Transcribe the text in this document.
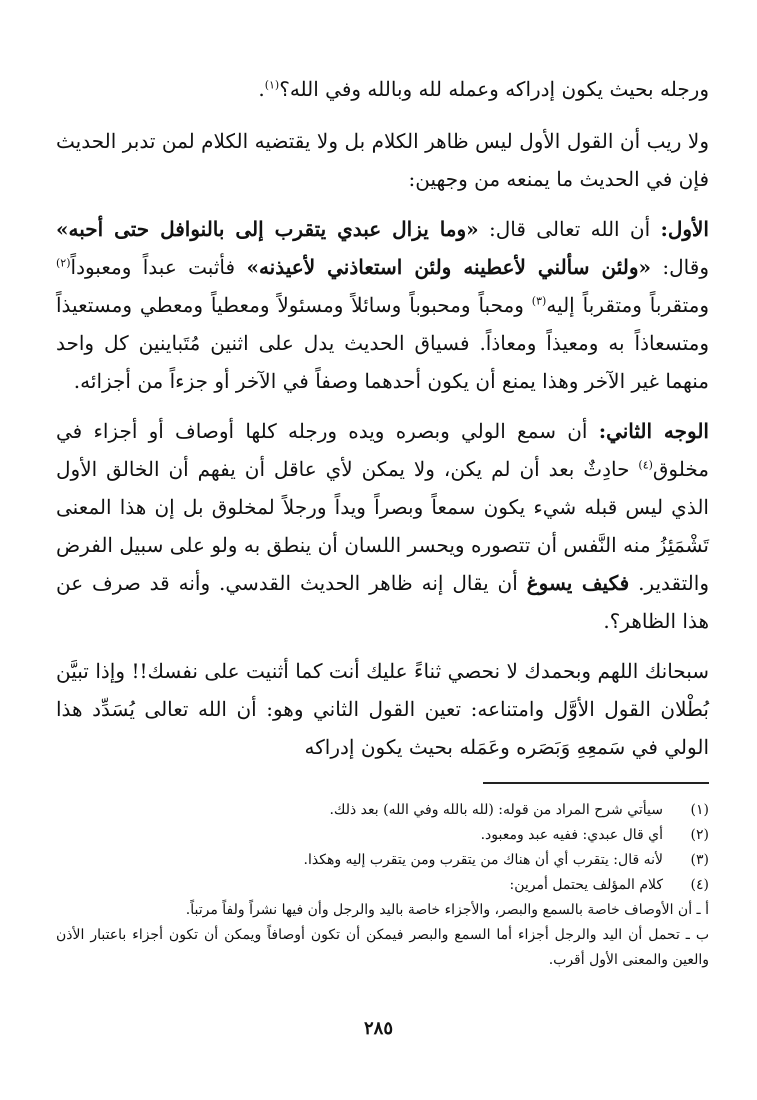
ورجله بحيث يكون إدراكه وعمله لله وبالله وفي الله؟$^{(١)}$.

ولا ريب أن القول الأول ليس ظاهر الكلام بل ولا يقتضيه الكلام لمن تدبر الحديث فإن في الحديث ما يمنعه من وجهين:

الأول: أن الله تعالى قال: «وما يزال عبدي يتقرب إلى بالنوافل حتى أحبه» وقال: «ولئن سألني لأعطينه ولئن استعاذني لأعيذنه» فأثبت عبداً ومعبوداً$^{(٢)}$ ومتقرباً ومتقرباً إليه$^{(٣)}$ ومحباً ومحبوباً وسائلاً ومسئولاً ومعطياً ومعطي ومستعيذاً ومتسعاذاً به ومعيذاً ومعاذاً. فسياق الحديث يدل على اثنين مُتَباينين كل واحد منهما غير الآخر وهذا يمنع أن يكون أحدهما وصفاً في الآخر أو جزءاً من أجزائه.

الوجه الثاني: أن سمع الولي وبصره ويده ورجله كلها أوصاف أو أجزاء في مخلوق$^{(٤)}$ حادِثٌ بعد أن لم يكن، ولا يمكن لأي عاقل أن يفهم أن الخالق الأول الذي ليس قبله شيء يكون سمعاً وبصراً ويداً ورجلاً لمخلوق بل إن هذا المعنى تَشْمَئِزُ منه النَّفس أن تتصوره ويحسر اللسان أن ينطق به ولو على سبيل الفرض والتقدير. فكيف يسوغ أن يقال إنه ظاهر الحديث القدسي. وأنه قد صرف عن هذا الظاهر؟.

سبحانك اللهم وبحمدك لا نحصي ثناءً عليك أنت كما أثنيت على نفسك!! وإذا تبيَّن بُطْلان القول الأوَّل وامتناعه: تعين القول الثاني وهو: أن الله تعالى يُسَدِّد هذا الولي في سَمعِهِ وَبَصَره وعَمَله بحيث يكون إدراكه

(١)
سيأتي شرح المراد من قوله: (لله بالله وفي الله) بعد ذلك.
(٢)
أي قال عبدي: ففيه عبد ومعبود.
(٣)
لأنه قال: يتقرب أي أن هناك من يتقرب ومن يتقرب إليه وهكذا.
(٤)
كلام المؤلف يحتمل أمرين:

أ ـ أن الأوصاف خاصة بالسمع والبصر، والأجزاء خاصة باليد والرجل وأن فيها نشراً ولفاً مرتباً.

ب ـ تحمل أن اليد والرجل أجزاء أما السمع والبصر فيمكن أن تكون أوصافاً ويمكن أن تكون أجزاء باعتبار الأذن والعين والمعنى الأول أقرب.

٢٨٥
